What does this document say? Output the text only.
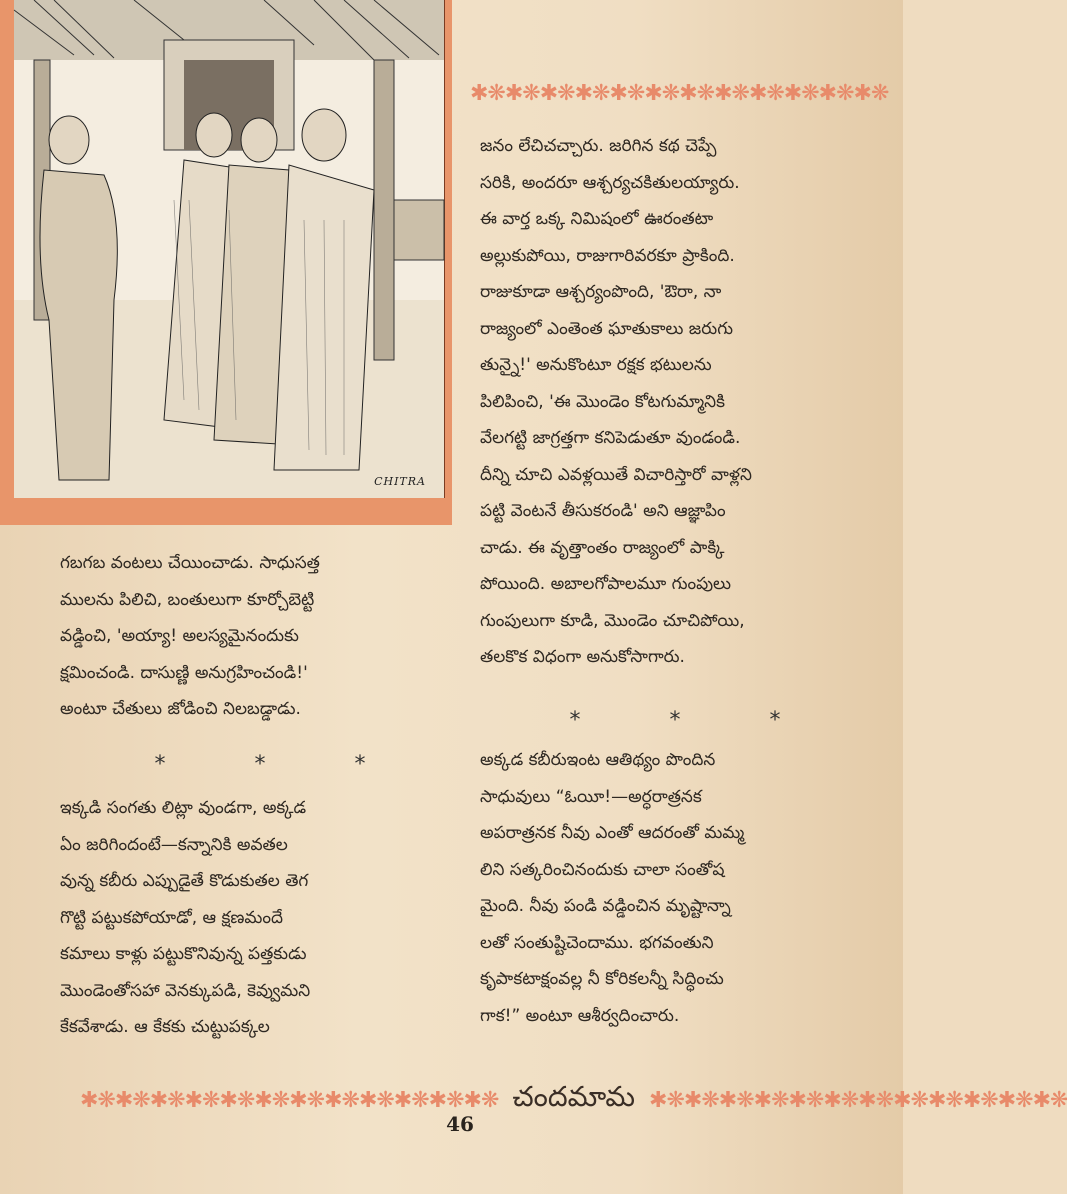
CHITRA
✱❋✱❋✱❋✱❋✱❋✱❋✱❋✱❋✱❋✱❋✱❋✱❋
జనం లేచిచచ్చారు. జరిగిన కథ చెప్పే
సరికి, అందరూ ఆశ్చర్యచకితులయ్యారు.
ఈ వార్త ఒక్క నిమిషంలో ఊరంతటా
అల్లుకుపోయి, రాజుగారివరకూ ప్రాకింది.
రాజుకూడా ఆశ్చర్యంపొంది, 'ఔరా, నా
రాజ్యంలో ఎంతెంత ఘాతుకాలు జరుగు
తున్నై!' అనుకొంటూ రక్షక భటులను
పిలిపించి, 'ఈ మొండెం కోటగుమ్మానికి
వేలగట్టి జాగ్రత్తగా కనిపెడుతూ వుండండి.
దీన్ని చూచి ఎవళ్లయితే విచారిస్తారో వాళ్లని
పట్టి వెంటనే తీసుకరండి' అని ఆజ్ఞాపిం
చాడు. ఈ వృత్తాంతం రాజ్యంలో పాక్కి
పోయింది. అబాలగోపాలమూ గుంపులు
గుంపులుగా కూడి, మొండెం చూచిపోయి,
తలకొక విధంగా అనుకోసాగారు.
గబగబ వంటలు చేయించాడు. సాధుసత్త
ములను పిలిచి, బంతులుగా కూర్చోబెట్టి
వడ్డించి, 'అయ్యా! అలస్యమైనందుకు
క్షమించండి. దాసుణ్ణి అనుగ్రహించండి!'
అంటూ చేతులు జోడించి నిలబడ్డాడు.
*	*	*
ఇక్కడి సంగతు లిట్లా వుండగా, అక్కడ
ఏం జరిగిందంటే—కన్నానికి అవతల
వున్న కబీరు ఎప్పుడైతే కొడుకుతల తెగ
గొట్టి పట్టుకపోయాడో, ఆ క్షణమందే
కమాలు కాళ్లు పట్టుకొనివున్న పత్తకుడు
మొండెంతోసహా వెనక్కుపడి, కెవ్వుమని
కేకవేశాడు. ఆ కేకకు చుట్టుపక్కల
*	*	*
అక్కడ కబీరుఇంట ఆతిథ్యం పొందిన
సాధువులు “ఓయీ!—అర్ధరాత్రనక
అపరాత్రనక నీవు ఎంతో ఆదరంతో మమ్మ
లిని సత్కరించినందుకు చాలా సంతోష
మైంది. నీవు పండి వడ్డించిన మృష్టాన్నా
లతో సంతుష్టిచెందాము. భగవంతుని
కృపాకటాక్షంవల్ల నీ కోరికలన్నీ సిద్ధించు
గాక!” అంటూ ఆశీర్వదించారు.
✱❋✱❋✱❋✱❋✱❋✱❋✱❋✱❋✱❋✱❋✱❋✱❋ చందమామ ✱❋✱❋✱❋✱❋✱❋✱❋✱❋✱❋✱❋✱❋✱❋✱❋
46
